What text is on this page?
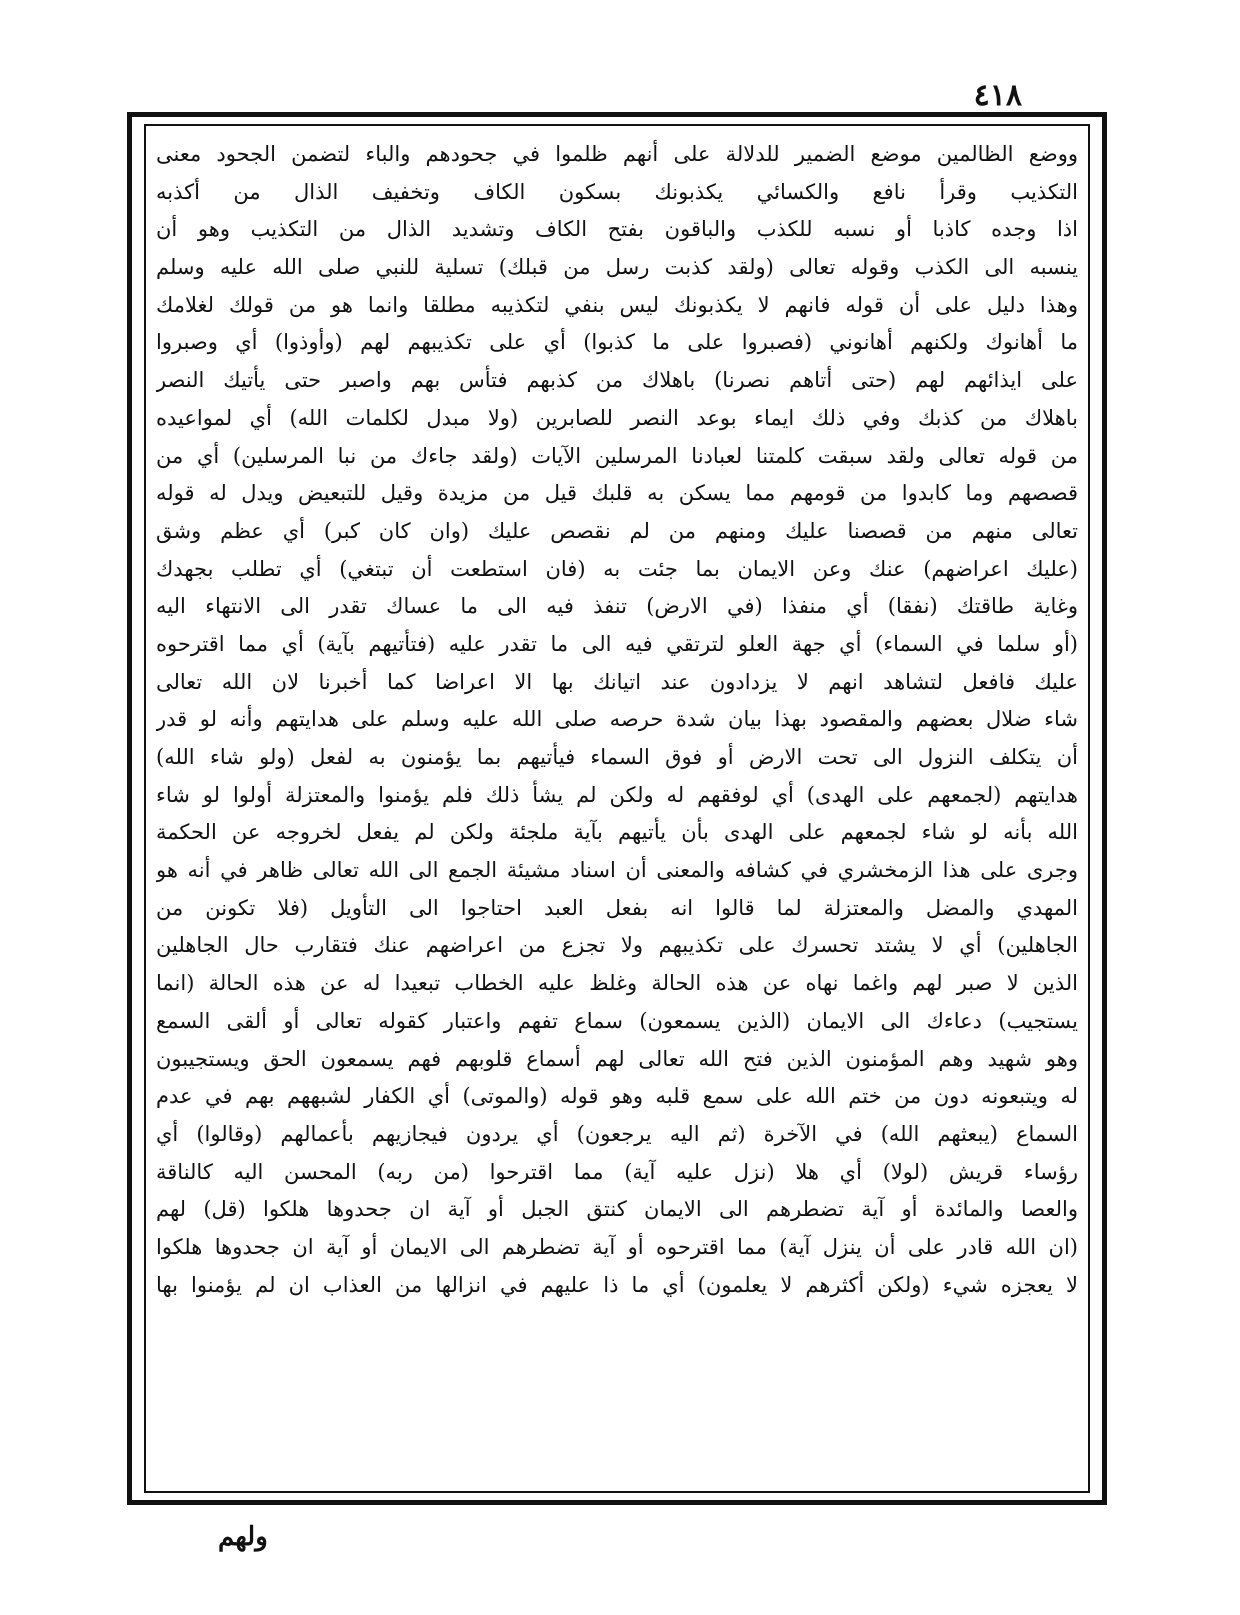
٤١٨
ووضع الظالمين موضع الضمير للدلالة على أنهم ظلموا في جحودهم والباء لتضمن الجحود معنى
التكذيب وقرأ نافع والكسائي يكذبونك بسكون الكاف وتخفيف الذال من أكذبه
اذا وجده كاذبا أو نسبه للكذب والباقون بفتح الكاف وتشديد الذال من التكذيب وهو أن
ينسبه الى الكذب وقوله تعالى (ولقد كذبت رسل من قبلك) تسلية للنبي صلى الله عليه وسلم
وهذا دليل على أن قوله فانهم لا يكذبونك ليس بنفي لتكذيبه مطلقا وانما هو من قولك لغلامك
ما أهانوك ولكنهم أهانوني (فصبروا على ما كذبوا) أي على تكذيبهم لهم (وأوذوا) أي وصبروا
على ايذائهم لهم (حتى أتاهم نصرنا) باهلاك من كذبهم فتأس بهم واصبر حتى يأتيك النصر
باهلاك من كذبك وفي ذلك ايماء بوعد النصر للصابرين (ولا مبدل لكلمات الله) أي لمواعيده
من قوله تعالى ولقد سبقت كلمتنا لعبادنا المرسلين الآيات (ولقد جاءك من نبا المرسلين) أي من
قصصهم وما كابدوا من قومهم مما يسكن به قلبك قيل من مزيدة وقيل للتبعيض ويدل له قوله
تعالى منهم من قصصنا عليك ومنهم من لم نقصص عليك (وان كان كبر) أي عظم وشق
(عليك اعراضهم) عنك وعن الايمان بما جئت به (فان استطعت أن تبتغي) أي تطلب بجهدك
وغاية طاقتك (نفقا) أي منفذا (في الارض) تنفذ فيه الى ما عساك تقدر الى الانتهاء اليه
(أو سلما في السماء) أي جهة العلو لترتقي فيه الى ما تقدر عليه (فتأتيهم بآية) أي مما اقترحوه
عليك فافعل لتشاهد انهم لا يزدادون عند اتيانك بها الا اعراضا كما أخبرنا لان الله تعالى
شاء ضلال بعضهم والمقصود بهذا بيان شدة حرصه صلى الله عليه وسلم على هدايتهم وأنه لو قدر
أن يتكلف النزول الى تحت الارض أو فوق السماء فيأتيهم بما يؤمنون به لفعل (ولو شاء الله)
هدايتهم (لجمعهم على الهدى) أي لوفقهم له ولكن لم يشأ ذلك فلم يؤمنوا والمعتزلة أولوا لو شاء
الله بأنه لو شاء لجمعهم على الهدى بأن يأتيهم بآية ملجئة ولكن لم يفعل لخروجه عن الحكمة
وجرى على هذا الزمخشري في كشافه والمعنى أن اسناد مشيئة الجمع الى الله تعالى ظاهر في أنه هو
المهدي والمضل والمعتزلة لما قالوا انه بفعل العبد احتاجوا الى التأويل (فلا تكونن من
الجاهلين) أي لا يشتد تحسرك على تكذيبهم ولا تجزع من اعراضهم عنك فتقارب حال الجاهلين
الذين لا صبر لهم واغما نهاه عن هذه الحالة وغلظ عليه الخطاب تبعيدا له عن هذه الحالة (انما
يستجيب) دعاءك الى الايمان (الذين يسمعون) سماع تفهم واعتبار كقوله تعالى أو ألقى السمع
وهو شهيد وهم المؤمنون الذين فتح الله تعالى لهم أسماع قلوبهم فهم يسمعون الحق ويستجيبون
له ويتبعونه دون من ختم الله على سمع قلبه وهو قوله (والموتى) أي الكفار لشبههم بهم في عدم
السماع (يبعثهم الله) في الآخرة (ثم اليه يرجعون) أي يردون فيجازيهم بأعمالهم (وقالوا) أي
رؤساء قريش (لولا) أي هلا (نزل عليه آية) مما اقترحوا (من ربه) المحسن اليه كالناقة
والعصا والمائدة أو آية تضطرهم الى الايمان كنتق الجبل أو آية ان جحدوها هلكوا (قل) لهم
(ان الله قادر على أن ينزل آية) مما اقترحوه أو آية تضطرهم الى الايمان أو آية ان جحدوها هلكوا
لا يعجزه شيء (ولكن أكثرهم لا يعلمون) أي ما ذا عليهم في انزالها من العذاب ان لم يؤمنوا بها
ولهم
